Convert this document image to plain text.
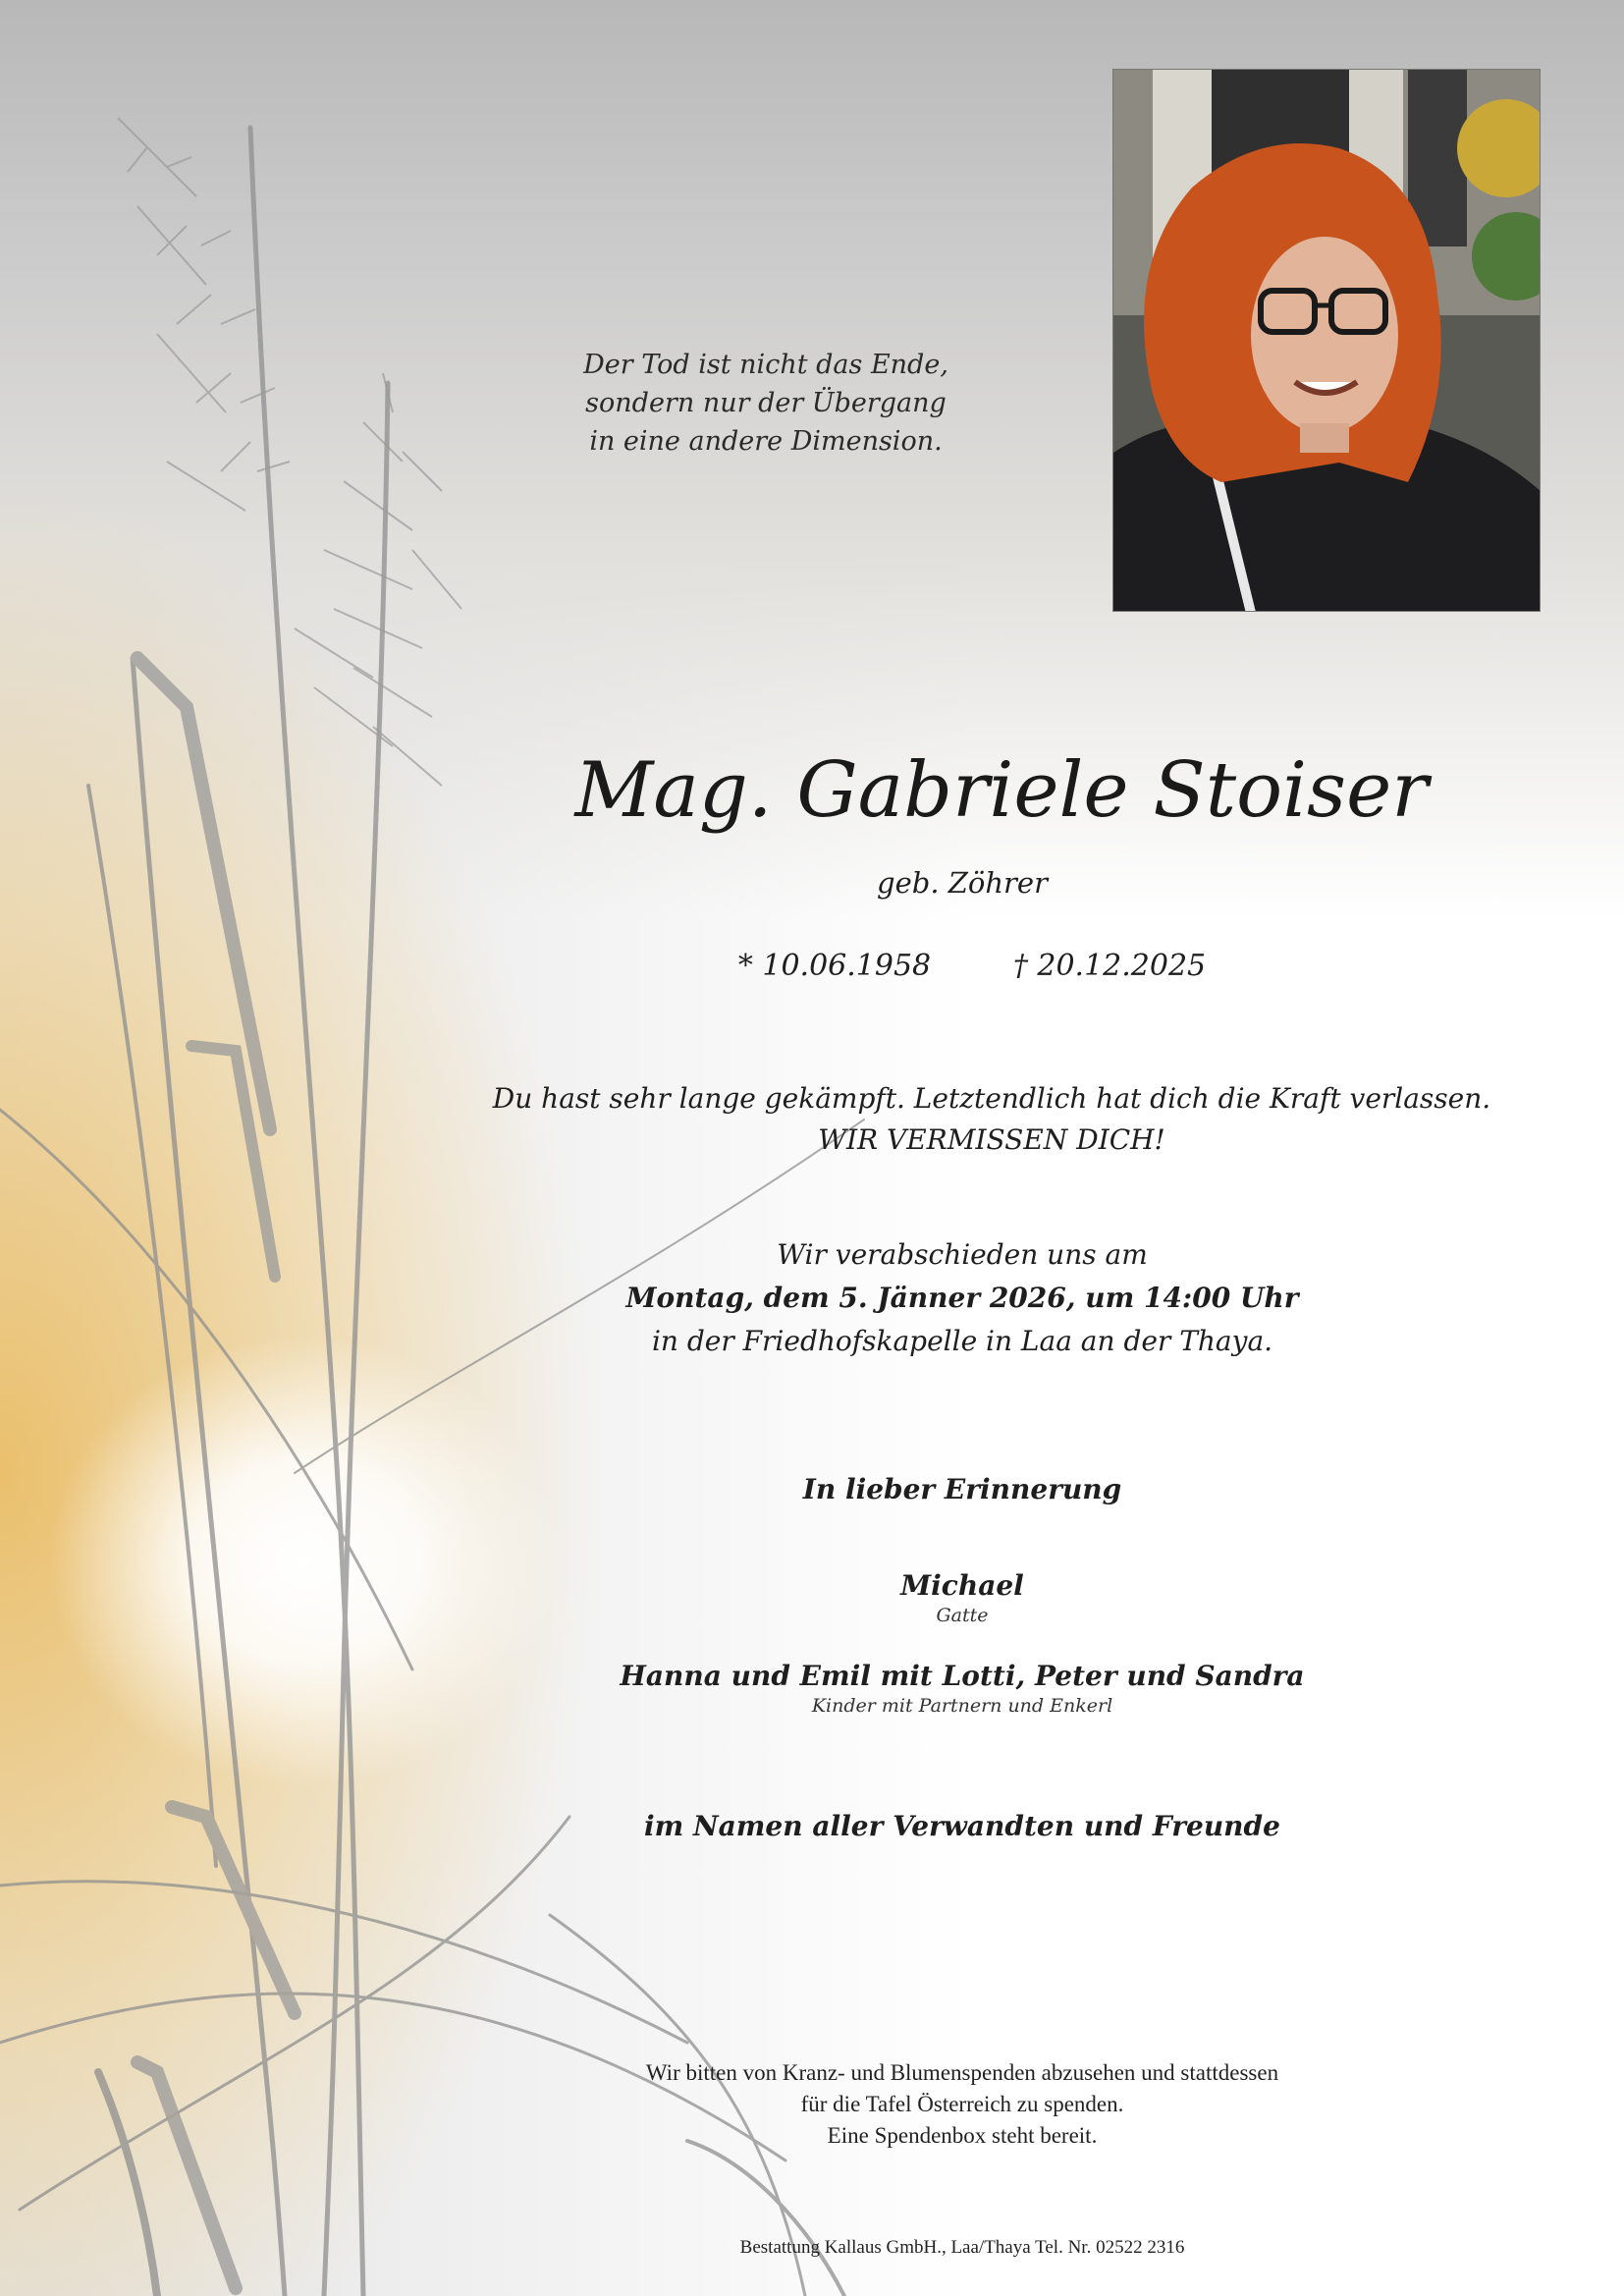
Der Tod ist nicht das Ende,
sondern nur der Übergang
in eine andere Dimension.
Mag. Gabriele Stoiser
geb. Zöhrer
* 10.06.1958	† 20.12.2025
Du hast sehr lange gekämpft. Letztendlich hat dich die Kraft verlassen.
WIR VERMISSEN DICH!
Wir verabschieden uns am
Montag, dem 5. Jänner 2026, um 14:00 Uhr
in der Friedhofskapelle in Laa an der Thaya.
In lieber Erinnerung
Michael
Gatte
Hanna und Emil mit Lotti, Peter und Sandra
Kinder mit Partnern und Enkerl
im Namen aller Verwandten und Freunde
Wir bitten von Kranz- und Blumenspenden abzusehen und stattdessen
für die Tafel Österreich zu spenden.
Eine Spendenbox steht bereit.
Bestattung Kallaus GmbH., Laa/Thaya Tel. Nr. 02522 2316
